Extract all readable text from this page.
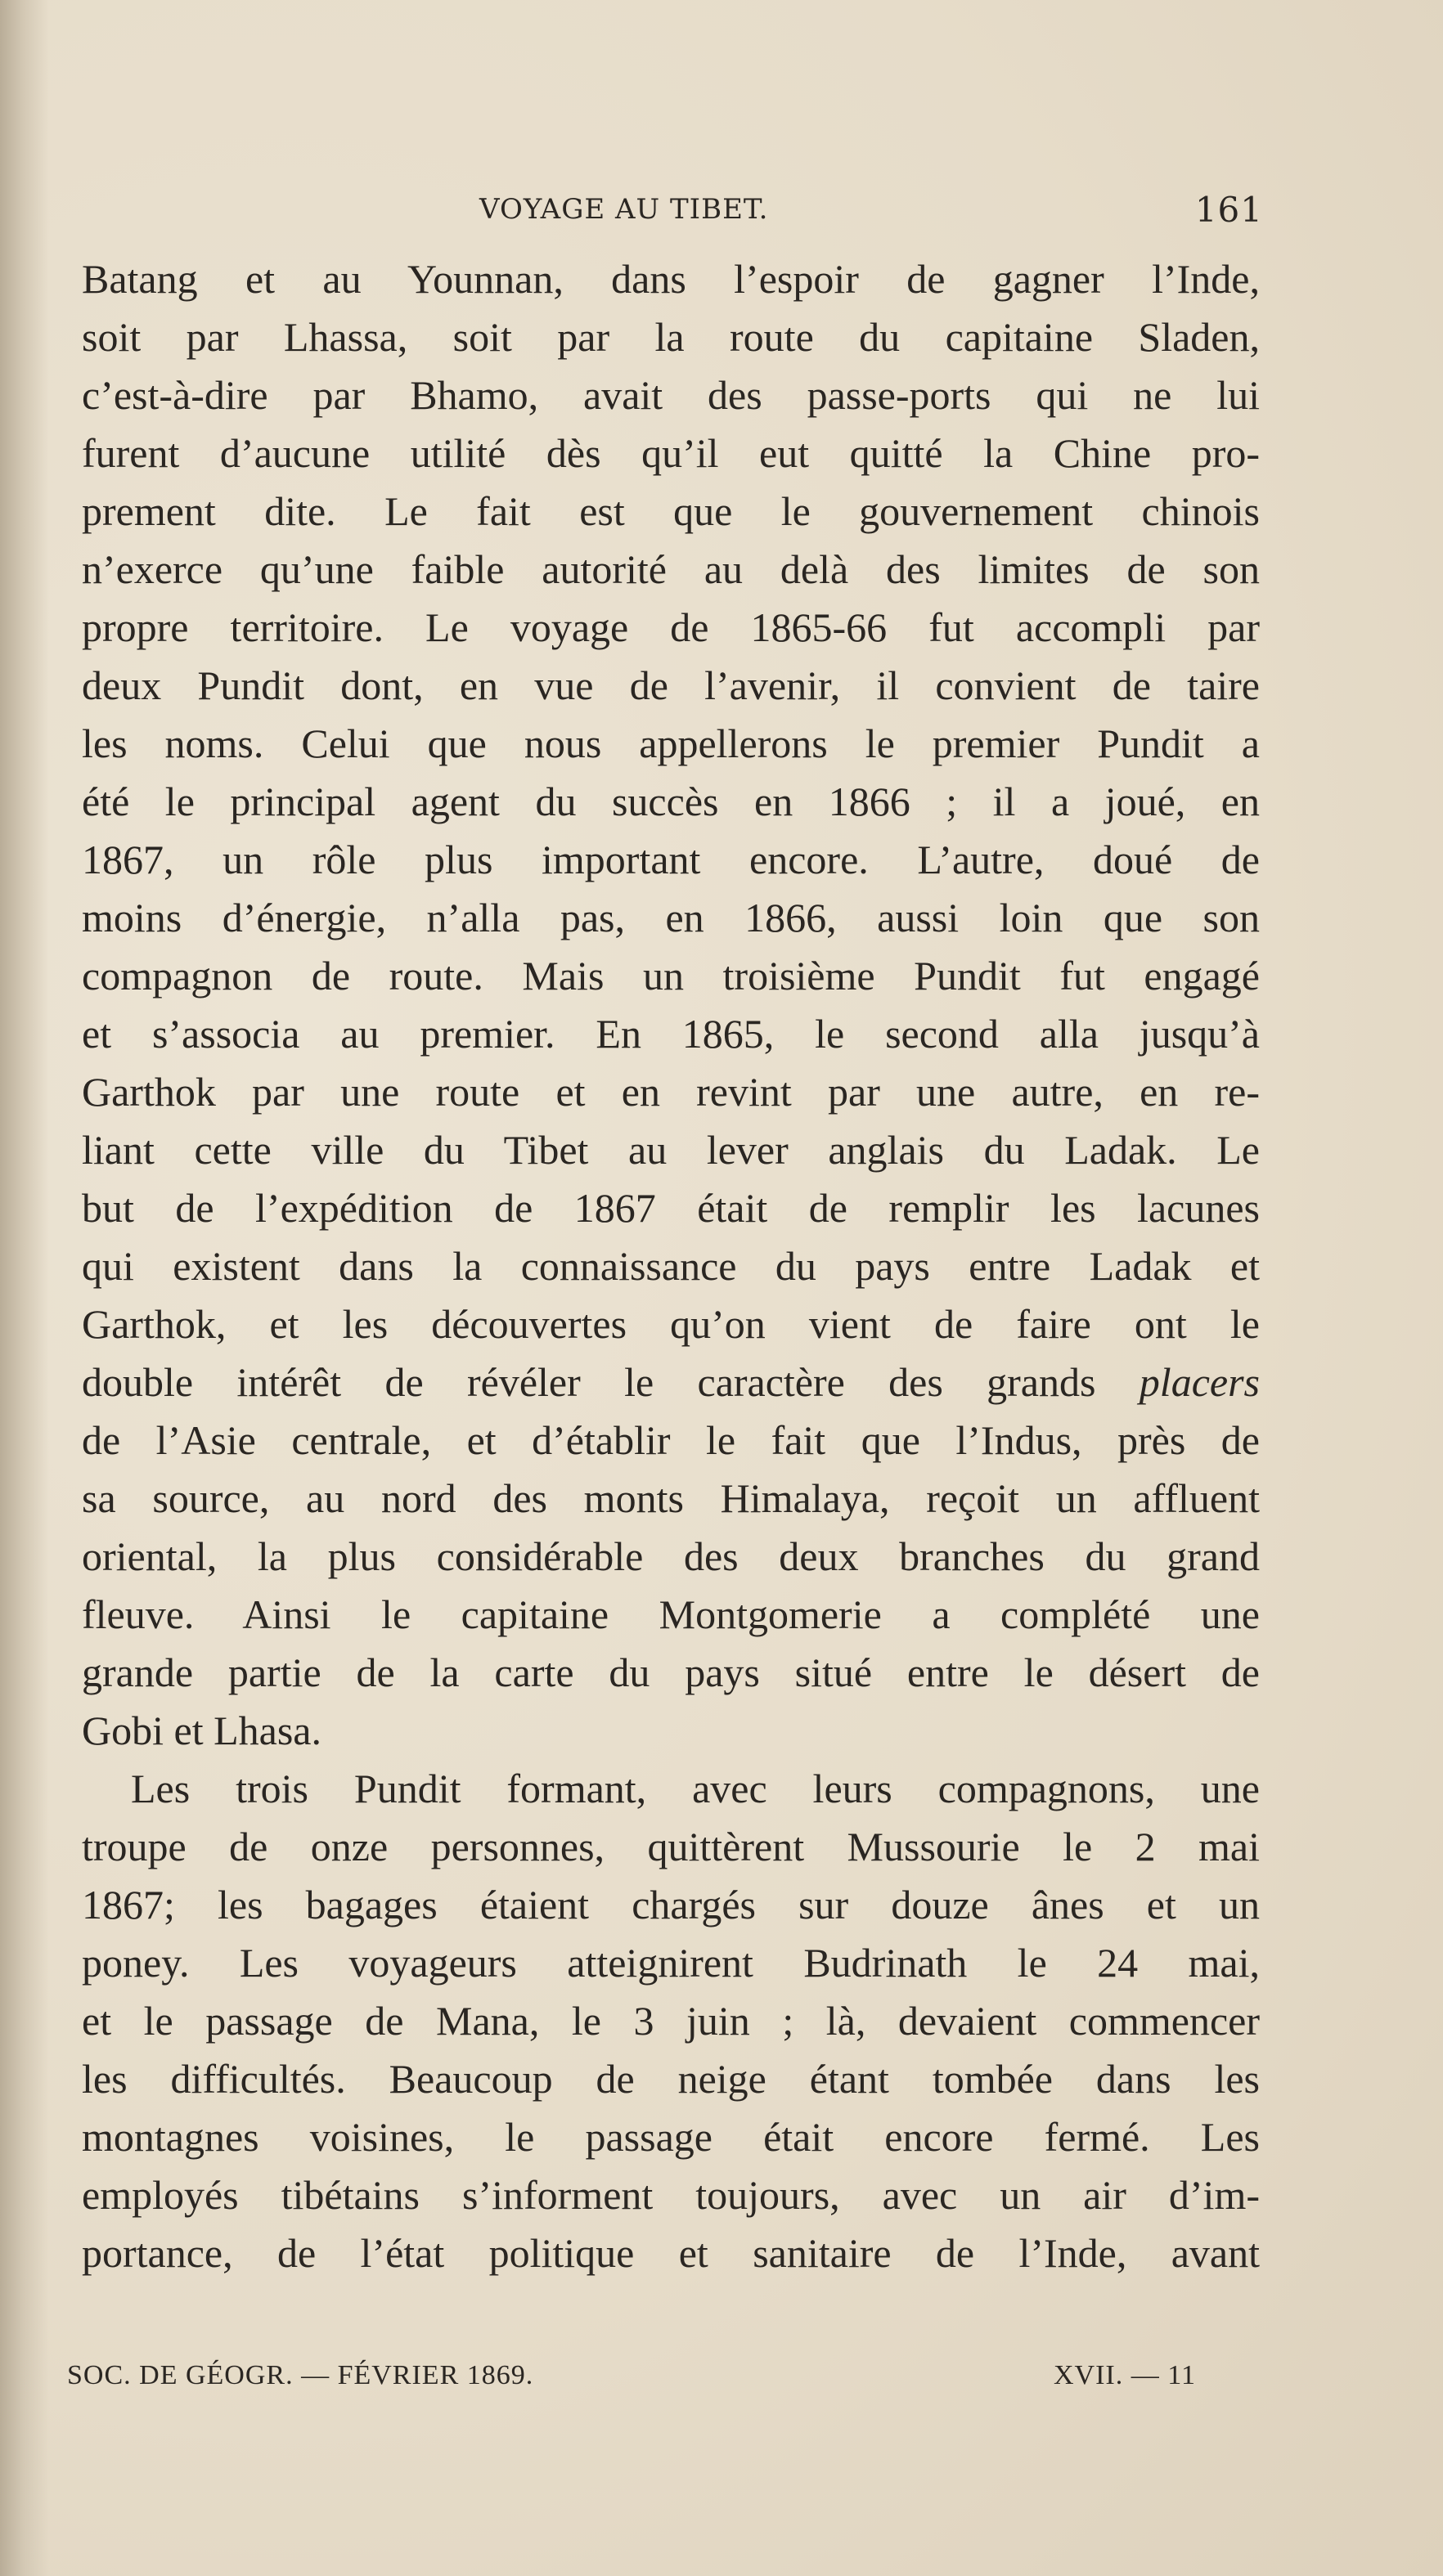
VOYAGE AU TIBET.	161

Batang et au Younnan, dans l’espoir de gagner l’Inde,
soit par Lhassa, soit par la route du capitaine Sladen,
c’est-à-dire par Bhamo, avait des passe-ports qui ne lui
furent d’aucune utilité dès qu’il eut quitté la Chine pro-
prement dite. Le fait est que le gouvernement chinois
n’exerce qu’une faible autorité au delà des limites de son
propre territoire. Le voyage de 1865-66 fut accompli par
deux Pundit dont, en vue de l’avenir, il convient de taire
les noms. Celui que nous appellerons le premier Pundit a
été le principal agent du succès en 1866 ; il a joué, en
1867, un rôle plus important encore. L’autre, doué de
moins d’énergie, n’alla pas, en 1866, aussi loin que son
compagnon de route. Mais un troisième Pundit fut engagé
et s’associa au premier. En 1865, le second alla jusqu’à
Garthok par une route et en revint par une autre, en re-
liant cette ville du Tibet au lever anglais du Ladak. Le
but de l’expédition de 1867 était de remplir les lacunes
qui existent dans la connaissance du pays entre Ladak et
Garthok, et les découvertes qu’on vient de faire ont le
double intérêt de révéler le caractère des grands placers
de l’Asie centrale, et d’établir le fait que l’Indus, près de
sa source, au nord des monts Himalaya, reçoit un affluent
oriental, la plus considérable des deux branches du grand
fleuve. Ainsi le capitaine Montgomerie a complété une
grande partie de la carte du pays situé entre le désert de
Gobi et Lhasa.

Les trois Pundit formant, avec leurs compagnons, une
troupe de onze personnes, quittèrent Mussourie le 2 mai
1867; les bagages étaient chargés sur douze ânes et un
poney. Les voyageurs atteignirent Budrinath le 24 mai,
et le passage de Mana, le 3 juin ; là, devaient commencer
les difficultés. Beaucoup de neige étant tombée dans les
montagnes voisines, le passage était encore fermé. Les
employés tibétains s’informent toujours, avec un air d’im-
portance, de l’état politique et sanitaire de l’Inde, avant

SOC. DE GÉOGR. — FÉVRIER 1869.	XVII. — 11
